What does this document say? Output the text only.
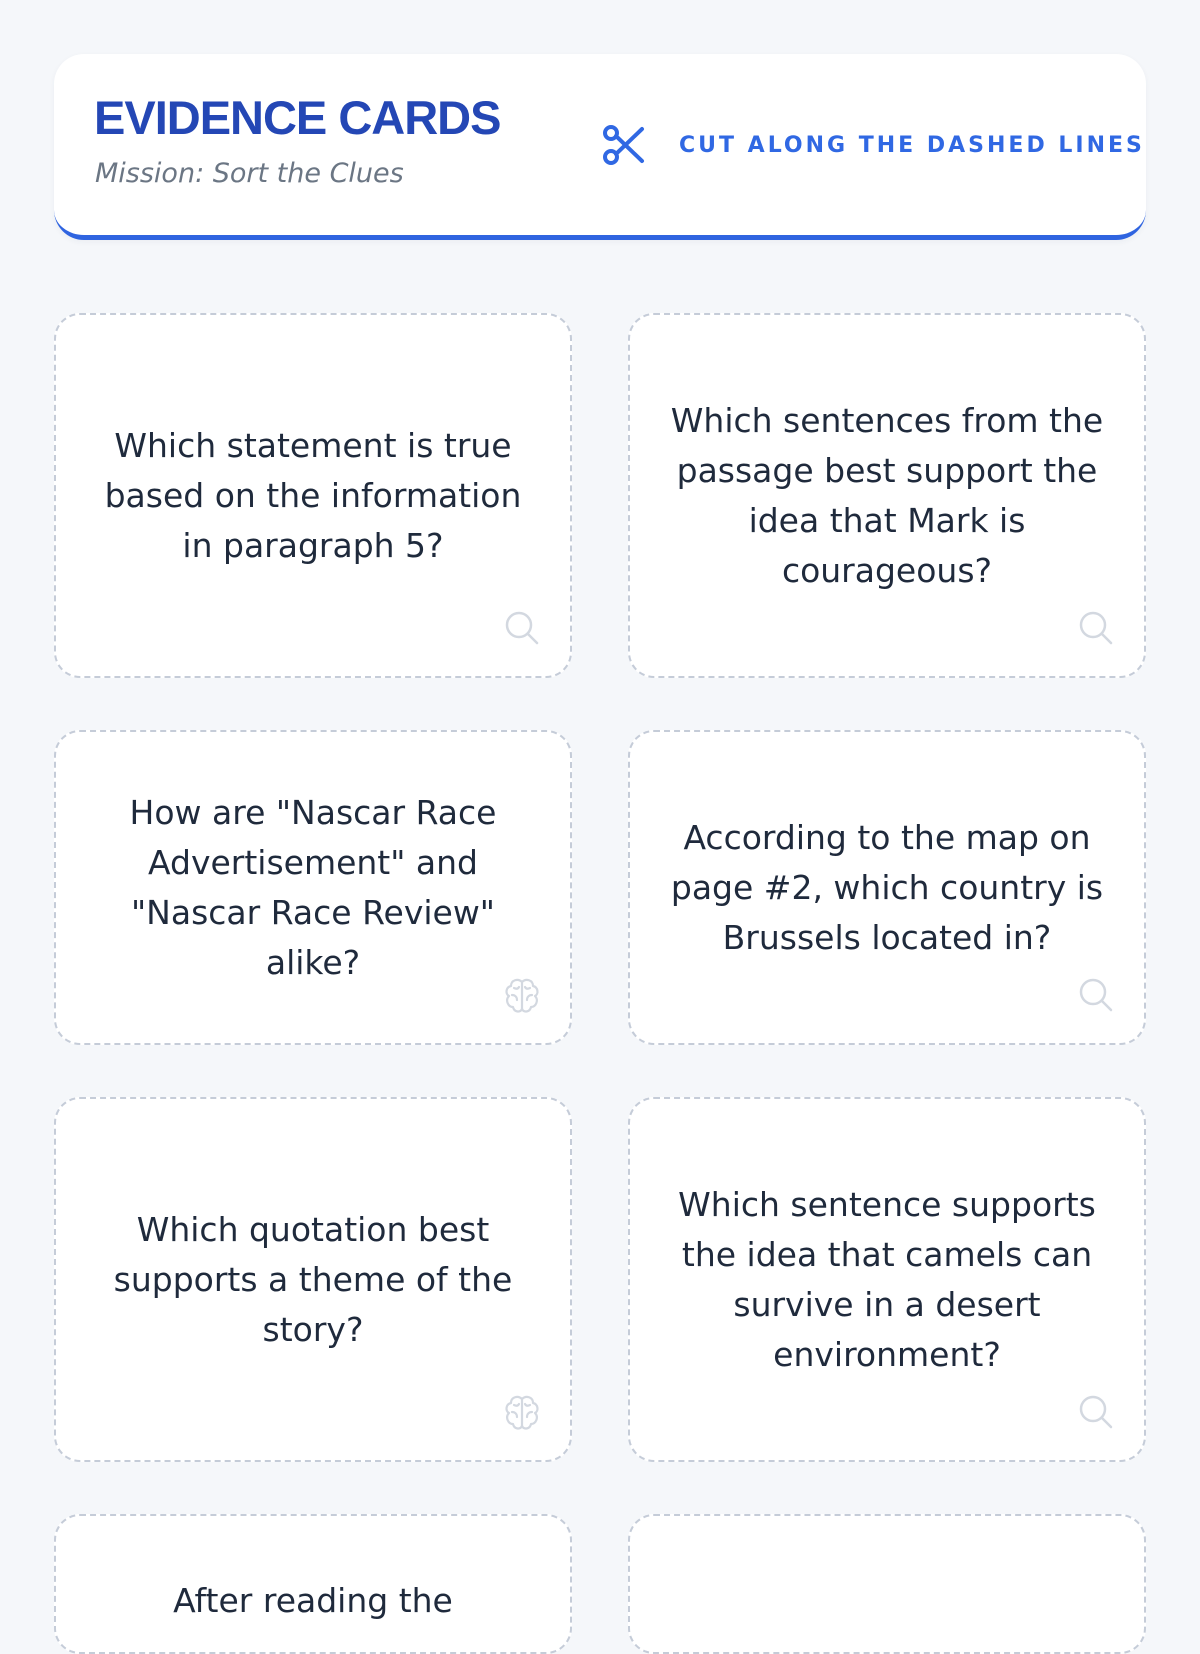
EVIDENCE CARDS
Mission: Sort the Clues
CUT ALONG THE DASHED LINES
Which statement is true based on the information in paragraph 5?
Which sentences from the passage best support the idea that Mark is courageous?
How are "Nascar Race Advertisement" and "Nascar Race Review" alike?
According to the map on page #2, which country is Brussels located in?
Which quotation best supports a theme of the story?
Which sentence supports the idea that camels can survive in a desert environment?
After reading the
